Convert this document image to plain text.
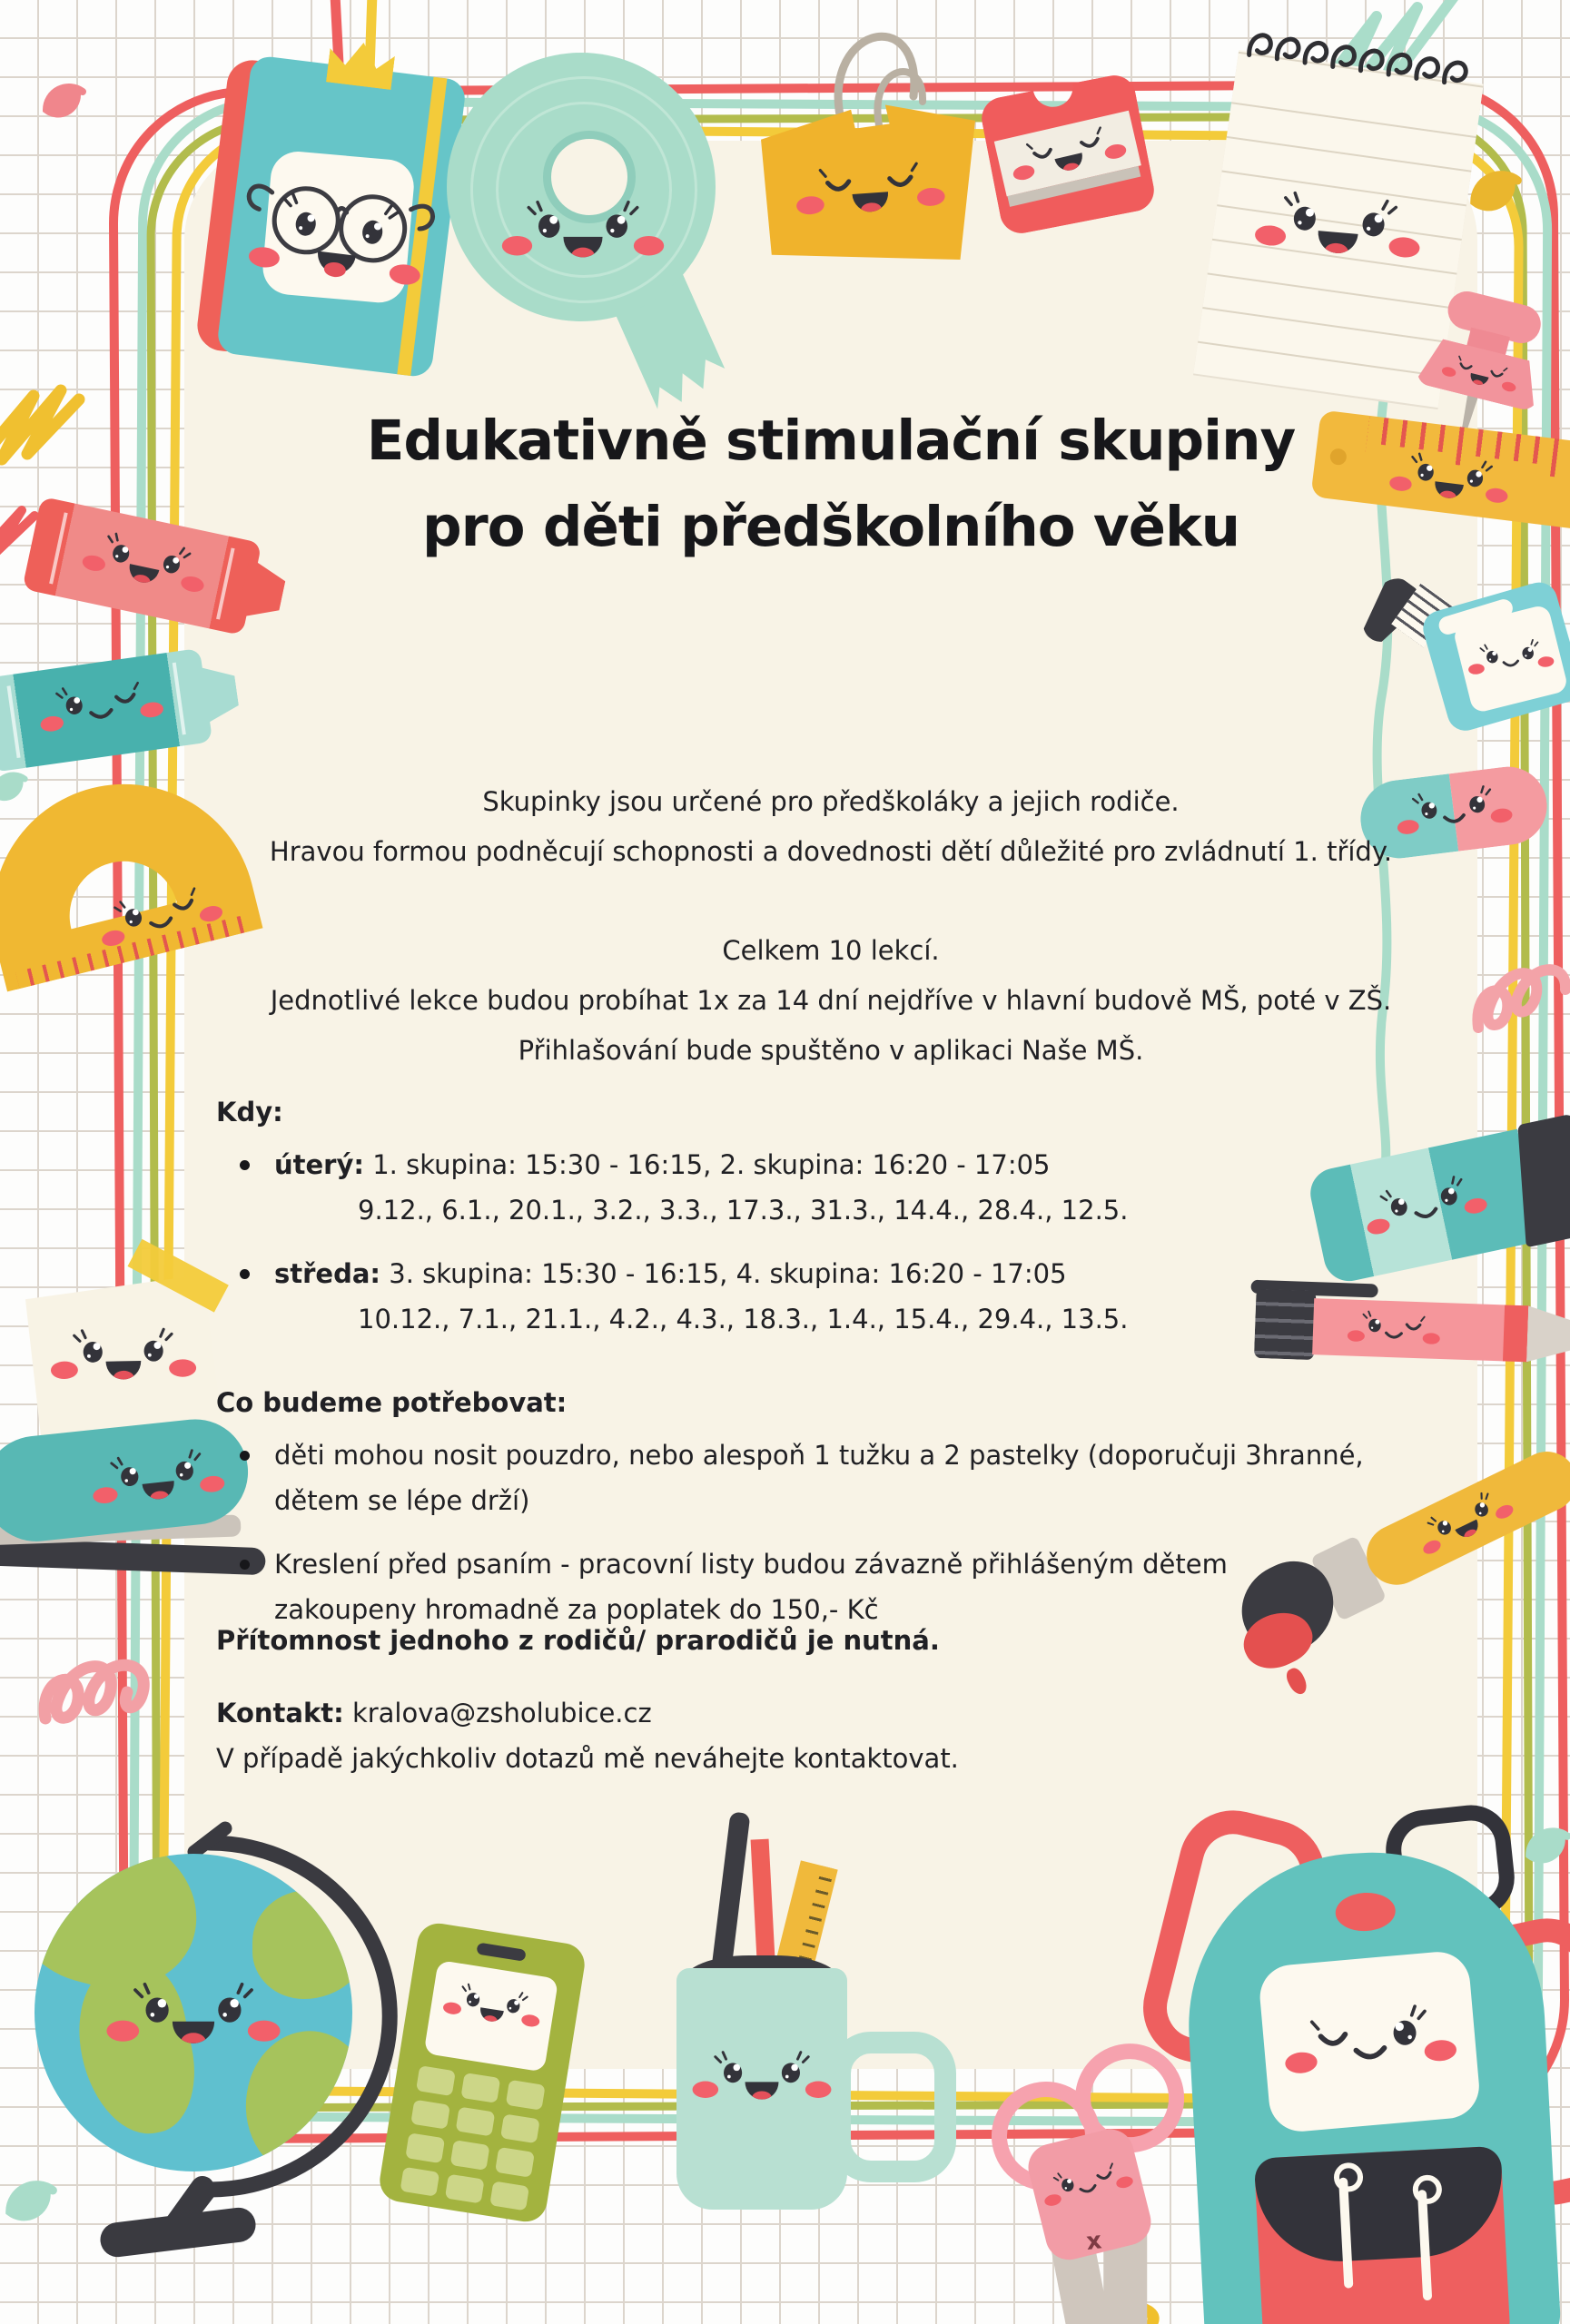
x
Edukativně stimulační skupiny
pro děti předškolního věku
Skupinky jsou určené pro předškoláky a jejich rodiče.
Hravou formou podněcují schopnosti a dovednosti dětí důležité pro zvládnutí 1. třídy.
Celkem 10 lekcí.
Jednotlivé lekce budou probíhat 1x za 14 dní nejdříve v hlavní budově MŠ, poté v ZŠ.
Přihlašování bude spuštěno v aplikaci Naše MŠ.
Kdy:
úterý: 1. skupina: 15:30 - 16:15, 2. skupina: 16:20 - 17:05
9.12., 6.1., 20.1., 3.2., 3.3., 17.3., 31.3., 14.4., 28.4., 12.5.
středa: 3. skupina: 15:30 - 16:15, 4. skupina: 16:20 - 17:05
10.12., 7.1., 21.1., 4.2., 4.3., 18.3., 1.4., 15.4., 29.4., 13.5.
Co budeme potřebovat:
děti mohou nosit pouzdro, nebo alespoň 1 tužku a 2 pastelky (doporučuji 3hranné, dětem se lépe drží)
Kreslení před psaním - pracovní listy budou závazně přihlášeným dětem zakoupeny hromadně za poplatek do 150,- Kč
Přítomnost jednoho z rodičů/ prarodičů je nutná.
Kontakt: kralova@zsholubice.cz
V případě jakýchkoliv dotazů mě neváhejte kontaktovat.
